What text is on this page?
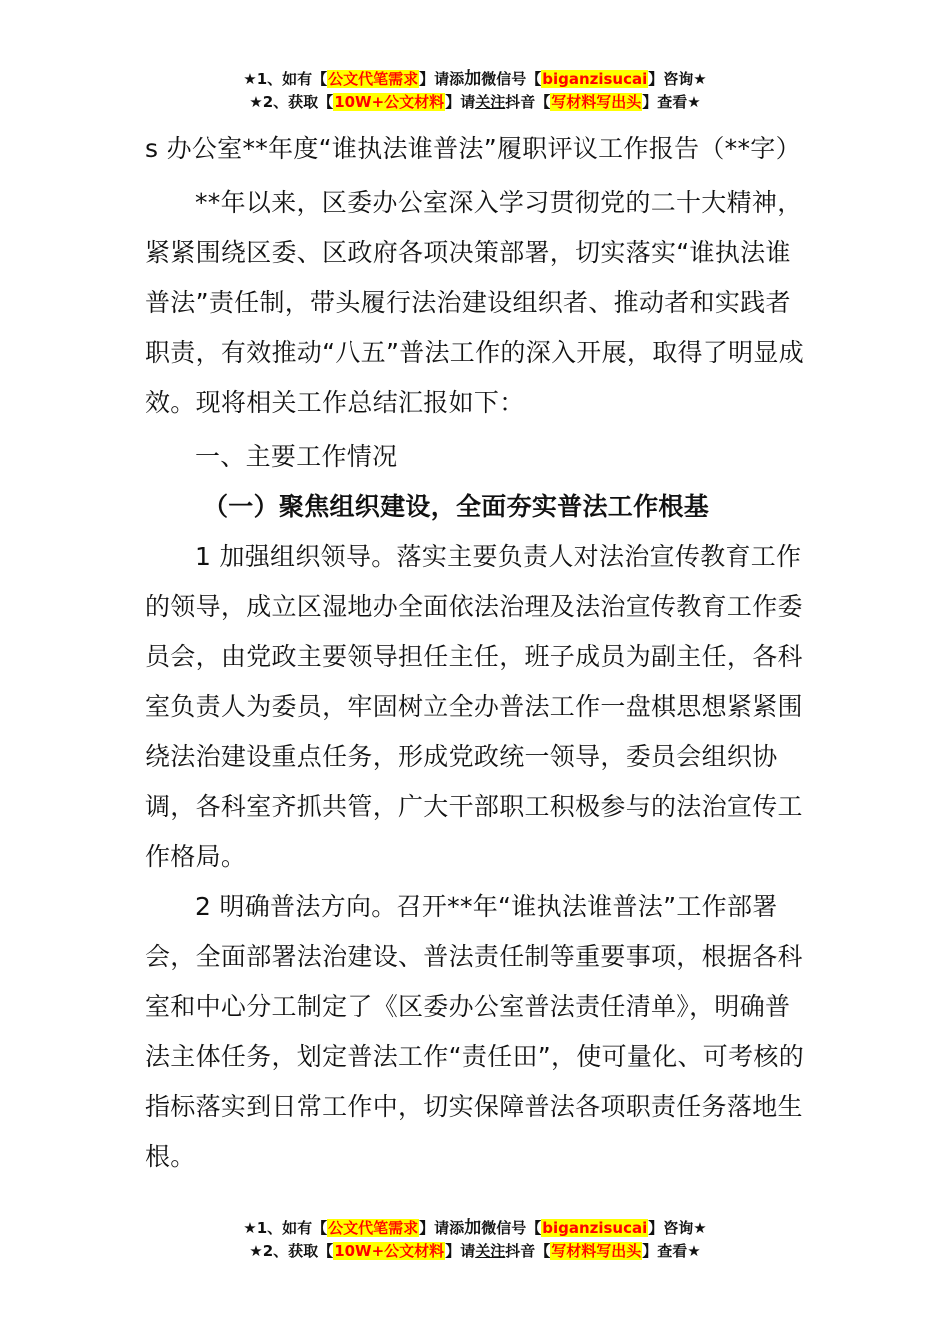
★1、如有【公文代笔需求】请添加微信号【biganzisucai】咨询★
★2、获取【10W+公文材料】请关注抖音【写材料写出头】查看★

s 办公室**年度“谁执法谁普法”履职评议工作报告（**字）

**年以来，区委办公室深入学习贯彻党的二十大精神，紧紧围绕区委、区政府各项决策部署，切实落实“谁执法谁普法”责任制，带头履行法治建设组织者、推动者和实践者职责，有效推动“八五”普法工作的深入开展，取得了明显成效。现将相关工作总结汇报如下：

一、主要工作情况

（一）聚焦组织建设，全面夯实普法工作根基

1 加强组织领导。落实主要负责人对法治宣传教育工作的领导，成立区湿地办全面依法治理及法治宣传教育工作委员会，由党政主要领导担任主任，班子成员为副主任，各科室负责人为委员，牢固树立全办普法工作一盘棋思想紧紧围绕法治建设重点任务，形成党政统一领导，委员会组织协调，各科室齐抓共管，广大干部职工积极参与的法治宣传工作格局。

2 明确普法方向。召开**年“谁执法谁普法”工作部署会，全面部署法治建设、普法责任制等重要事项，根据各科室和中心分工制定了《区委办公室普法责任清单》，明确普法主体任务，划定普法工作“责任田”，使可量化、可考核的指标落实到日常工作中，切实保障普法各项职责任务落地生根。

★1、如有【公文代笔需求】请添加微信号【biganzisucai】咨询★
★2、获取【10W+公文材料】请关注抖音【写材料写出头】查看★
